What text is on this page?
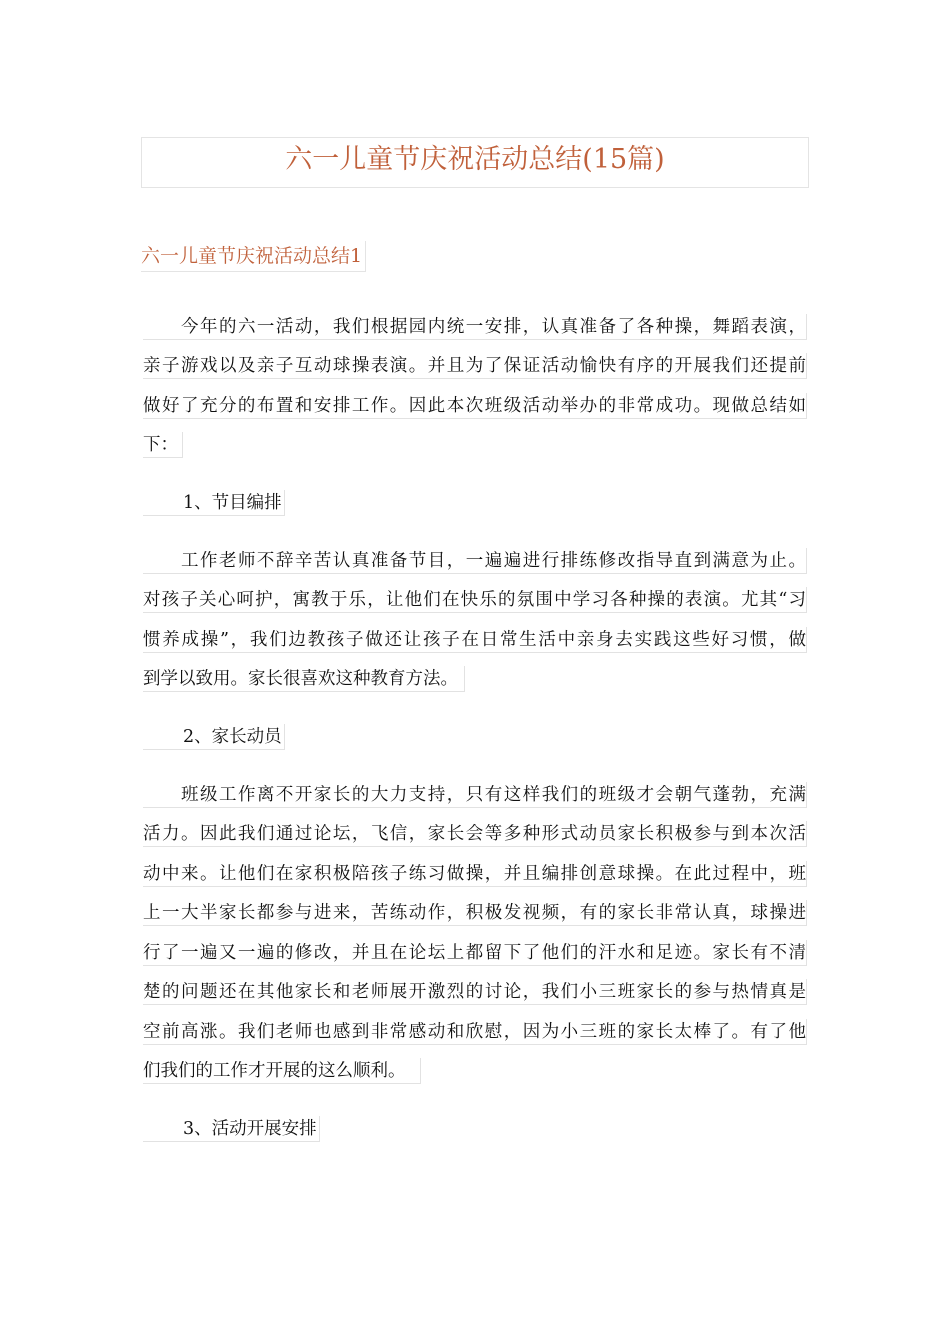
六一儿童节庆祝活动总结(15篇)
六一儿童节庆祝活动总结1
今年的六一活动，我们根据园内统一安排，认真准备了各种操，舞蹈表演，
亲子游戏以及亲子互动球操表演。并且为了保证活动愉快有序的开展我们还提前
做好了充分的布置和安排工作。因此本次班级活动举办的非常成功。现做总结如
下：
1、节目编排
工作老师不辞辛苦认真准备节目，一遍遍进行排练修改指导直到满意为止。
对孩子关心呵护，寓教于乐，让他们在快乐的氛围中学习各种操的表演。尤其“习
惯养成操”，我们边教孩子做还让孩子在日常生活中亲身去实践这些好习惯，做
到学以致用。家长很喜欢这种教育方法。
2、家长动员
班级工作离不开家长的大力支持，只有这样我们的班级才会朝气蓬勃，充满
活力。因此我们通过论坛，飞信，家长会等多种形式动员家长积极参与到本次活
动中来。让他们在家积极陪孩子练习做操，并且编排创意球操。在此过程中，班
上一大半家长都参与进来，苦练动作，积极发视频，有的家长非常认真，球操进
行了一遍又一遍的修改，并且在论坛上都留下了他们的汗水和足迹。家长有不清
楚的问题还在其他家长和老师展开激烈的讨论，我们小三班家长的参与热情真是
空前高涨。我们老师也感到非常感动和欣慰，因为小三班的家长太棒了。有了他
们我们的工作才开展的这么顺利。
3、活动开展安排
